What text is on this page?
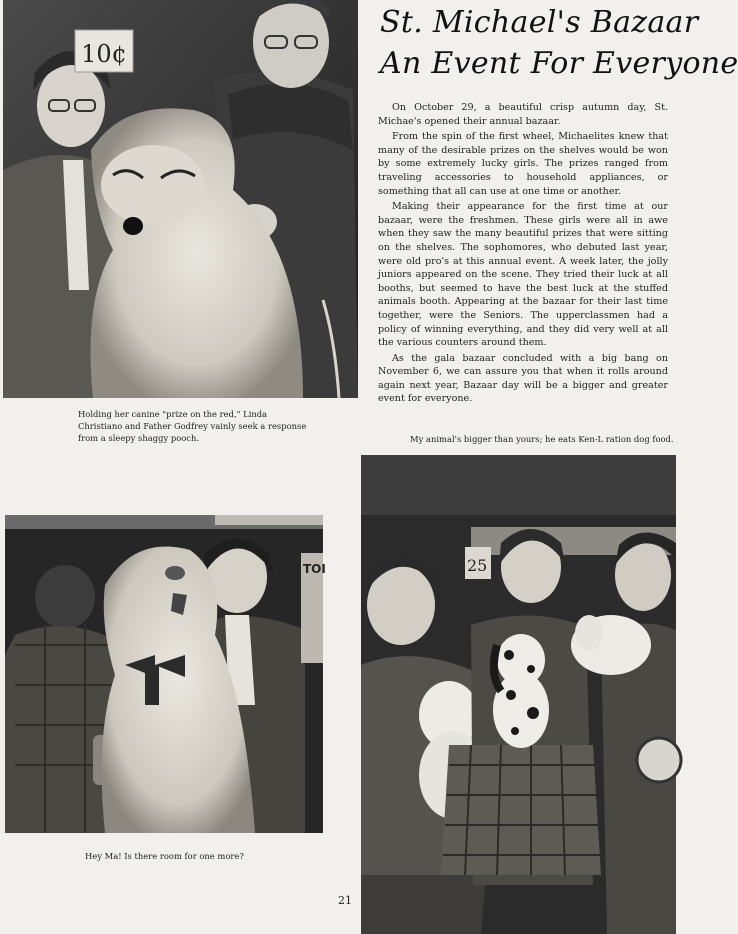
10¢
St. Michael's Bazaar
An Event For Everyone

On October 29, a beautiful crisp autumn day, St. Michae's opened their annual bazaar.

From the spin of the first wheel, Michaelites knew that many of the desirable prizes on the shelves would be won by some extremely lucky girls. The prizes ranged from traveling accessories to household appliances, or something that all can use at one time or another.

Making their appearance for the first time at our bazaar, were the freshmen. These girls were all in awe when they saw the many beautiful prizes that were sitting on the shelves. The sophomores, who debuted last year, were old pro's at this annual event. A week later, the jolly juniors appeared on the scene. They tried their luck at all booths, but seemed to have the best luck at the stuffed animals booth. Appearing at the bazaar for their last time together, were the Seniors. The upperclassmen had a policy of winning everything, and they did very well at all the various counters around them.

As the gala bazaar concluded with a big bang on November 6, we can assure you that when it rolls around again next year, Bazaar day will be a bigger and greater event for everyone.

Holding her canine "prize on the red," Linda Christiano and Father Godfrey vainly seek a response from a sleepy shaggy pooch.	My animal's bigger than yours; he eats Ken-L ration dog food.
TOI
Hey Ma! Is there room for one more?
25
21
